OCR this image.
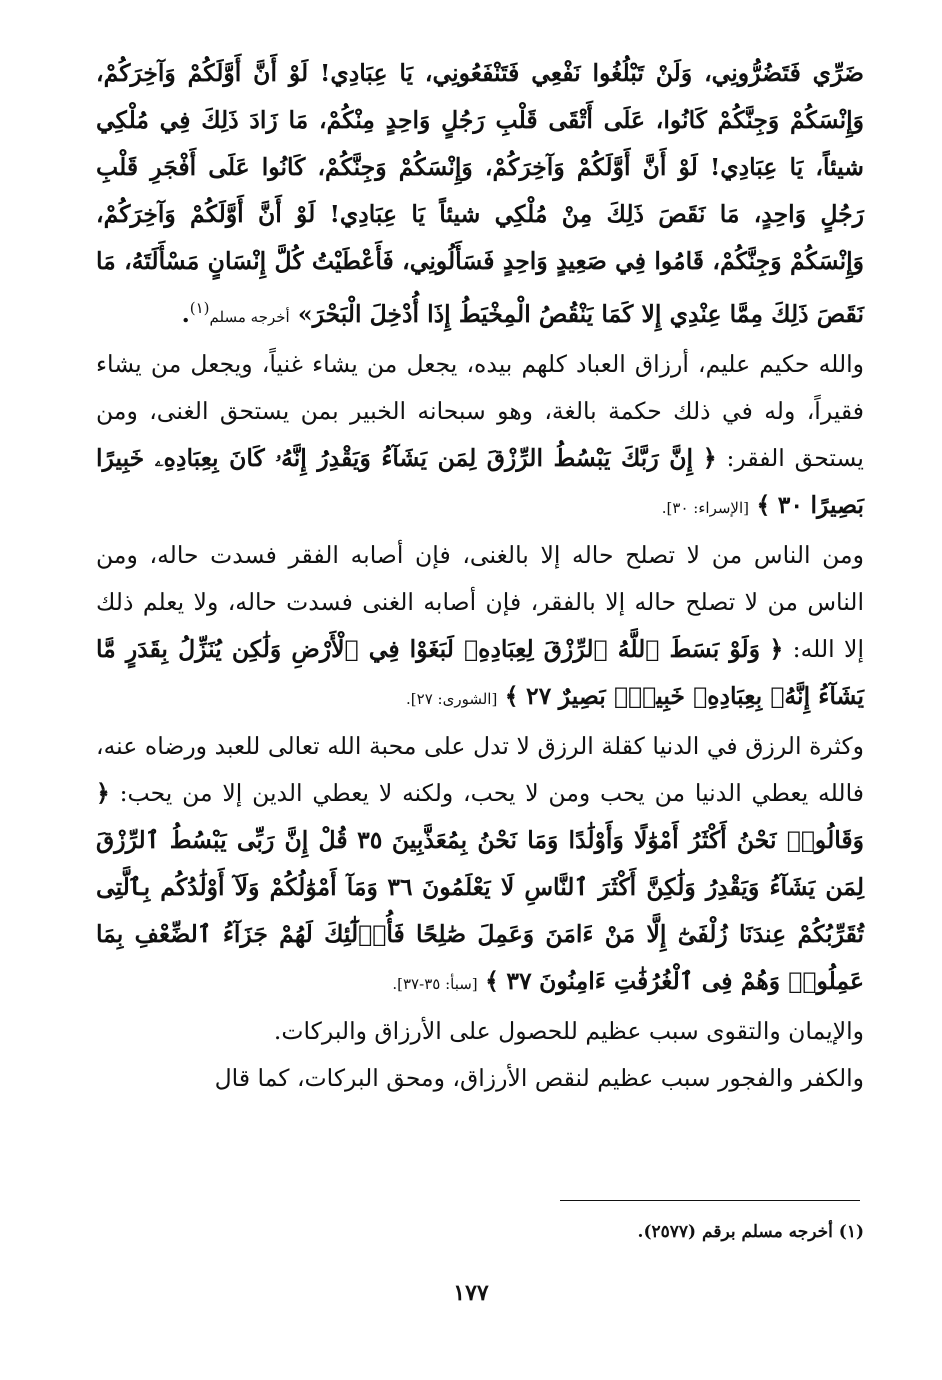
ضَرِّي فَتَضُرُّونِي، وَلَنْ تَبْلُغُوا نَفْعِي فَتَنْفَعُونِي، يَا عِبَادِي! لَوْ أَنَّ أَوَّلَكُمْ وَآخِرَكُمْ، وَإِنْسَكُمْ وَجِنَّكُمْ كَانُوا، عَلَى أَتْقَى قَلْبِ رَجُلٍ وَاحِدٍ مِنْكُمْ، مَا زَادَ ذَلِكَ فِي مُلْكِي شيئاً، يَا عِبَادِي! لَوْ أَنَّ أَوَّلَكُمْ وَآخِرَكُمْ، وَإِنْسَكُمْ وَجِنَّكُمْ، كَانُوا عَلَى أَفْجَرِ قَلْبِ رَجُلٍ وَاحِدٍ، مَا نَقَصَ ذَلِكَ مِنْ مُلْكِي شيئاً يَا عِبَادِي! لَوْ أَنَّ أَوَّلَكُمْ وَآخِرَكُمْ، وَإِنْسَكُمْ وَجِنَّكُمْ، قَامُوا فِي صَعِيدٍ وَاحِدٍ فَسَأَلُونِي، فَأَعْطَيْتُ كُلَّ إِنْسَانٍ مَسْأَلَتَهُ، مَا نَقَصَ ذَلِكَ مِمَّا عِنْدِي إِلا كَمَا يَنْقُصُ الْمِخْيَطُ إِذَا أُدْخِلَ الْبَحْرَ» أخرجه مسلم$^{(١)}$.

والله حكيم عليم، أرزاق العباد كلهم بيده، يجعل من يشاء غنياً، ويجعل من يشاء فقيراً، وله في ذلك حكمة بالغة، وهو سبحانه الخبير بمن يستحق الغنى، ومن يستحق الفقر: ﴿ إِنَّ رَبَّكَ يَبْسُطُ الرِّزْقَ لِمَن يَشَآءُ وَيَقْدِرُ إِنَّهُۥ كَانَ بِعِبَادِهِۦ خَبِيرًا بَصِيرًا ٣٠ ﴾ [الإسراء: ٣٠].

ومن الناس من لا تصلح حاله إلا بالغنى، فإن أصابه الفقر فسدت حاله، ومن الناس من لا تصلح حاله إلا بالفقر، فإن أصابه الغنى فسدت حاله، ولا يعلم ذلك إلا الله: ﴿ وَلَوْ بَسَطَ ٱللَّهُ ٱلرِّزْقَ لِعِبَادِهِۦ لَبَغَوْا فِي ٱلْأَرْضِ وَلَٰكِن يُنَزِّلُ بِقَدَرٍ مَّا يَشَآءُ إِنَّهُۥ بِعِبَادِهِۦ خَبِيرٌۢ بَصِيرٌ ٢٧ ﴾ [الشورى: ٢٧].

وكثرة الرزق في الدنيا كقلة الرزق لا تدل على محبة الله تعالى للعبد ورضاه عنه، فالله يعطي الدنيا من يحب ومن لا يحب، ولكنه لا يعطي الدين إلا من يحب: ﴿ وَقَالُوا۟ نَحْنُ أَكْثَرُ أَمْوَٰلًا وَأَوْلَٰدًا وَمَا نَحْنُ بِمُعَذَّبِينَ ٣٥ قُلْ إِنَّ رَبِّى يَبْسُطُ ٱلرِّزْقَ لِمَن يَشَآءُ وَيَقْدِرُ وَلَٰكِنَّ أَكْثَرَ ٱلنَّاسِ لَا يَعْلَمُونَ ٣٦ وَمَآ أَمْوَٰلُكُمْ وَلَآ أَوْلَٰدُكُم بِٱلَّتِى تُقَرِّبُكُمْ عِندَنَا زُلْفَىٰٓ إِلَّا مَنْ ءَامَنَ وَعَمِلَ صَٰلِحًا فَأُو۟لَٰٓئِكَ لَهُمْ جَزَآءُ ٱلضِّعْفِ بِمَا عَمِلُوا۟ وَهُمْ فِى ٱلْغُرُفَٰتِ ءَامِنُونَ ٣٧ ﴾ [سبأ: ٣٥-٣٧].

والإيمان والتقوى سبب عظيم للحصول على الأرزاق والبركات.

والكفر والفجور سبب عظيم لنقص الأرزاق، ومحق البركات، كما قال

(١) أخرجه مسلم برقم (٢٥٧٧).
١٧٧
